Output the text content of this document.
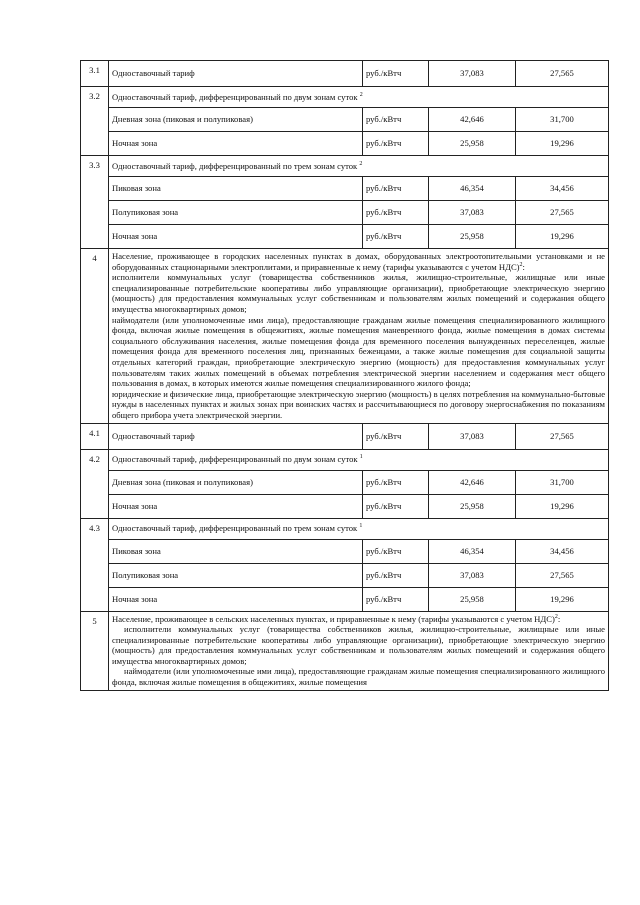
3.1	Одноставочный тариф	руб./кВтч	37,083	27,565
3.2	Одноставочный тариф, дифференцированный по двум зонам суток $^2$
	Дневная зона (пиковая и полупиковая)	руб./кВтч	42,646	31,700
	Ночная зона	руб./кВтч	25,958	19,296
3.3	Одноставочный тариф, дифференцированный по трем зонам суток $^2$
	Пиковая зона	руб./кВтч	46,354	34,456
	Полупиковая зона	руб./кВтч	37,083	27,565
	Ночная зона	руб./кВтч	25,958	19,296
4	Население, проживающее в городских населенных пунктах в домах, оборудованных электроотопительными установками и не оборудованных стационарными электроплитами, и приравненные к нему (тарифы указываются с учетом НДС)$^2$:

исполнители коммунальных услуг (товарищества собственников жилья, жилищно-строительные, жилищные или иные специализированные потребительские кооперативы либо управляющие организации), приобретающие электрическую энергию (мощность) для предоставления коммунальных услуг собственникам и пользователям жилых помещений и содержания общего имущества многоквартирных домов;

наймодатели (или уполномоченные ими лица), предоставляющие гражданам жилые помещения специализированного жилищного фонда, включая жилые помещения в общежитиях, жилые помещения маневренного фонда, жилые помещения в домах системы социального обслуживания населения, жилые помещения фонда для временного поселения вынужденных переселенцев, жилые помещения фонда для временного поселения лиц, признанных беженцами, а также жилые помещения для социальной защиты отдельных категорий граждан, приобретающие электрическую энергию (мощность) для предоставления коммунальных услуг пользователям таких жилых помещений в объемах потребления электрической энергии населением и содержания мест общего пользования в домах, в которых имеются жилые помещения специализированного жилого фонда;

юридические и физические лица, приобретающие электрическую энергию (мощность) в целях потребления на коммунально-бытовые нужды в населенных пунктах и жилых зонах при воинских частях и рассчитывающиеся по договору энергоснабжения по показаниям общего прибора учета электрической энергии.			

4.1	Одноставочный тариф	руб./кВтч	37,083	27,565
4.2	Одноставочный тариф, дифференцированный по двум зонам суток $^1$
	Дневная зона (пиковая и полупиковая)	руб./кВтч	42,646	31,700
	Ночная зона	руб./кВтч	25,958	19,296
4.3	Одноставочный тариф, дифференцированный по трем зонам суток $^1$
	Пиковая зона	руб./кВтч	46,354	34,456
	Полупиковая зона	руб./кВтч	37,083	27,565
	Ночная зона	руб./кВтч	25,958	19,296
5	Население, проживающее в сельских населенных пунктах, и приравненные к нему (тарифы указываются с учетом НДС)$^2$:

исполнители коммунальных услуг (товарищества собственников жилья, жилищно-строительные, жилищные или иные специализированные потребительские кооперативы либо управляющие организации), приобретающие электрическую энергию (мощность) для предоставления коммунальных услуг собственникам и пользователям жилых помещений и содержания общего имущества многоквартирных домов;

наймодатели (или уполномоченные ими лица), предоставляющие гражданам жилые помещения специализированного жилищного фонда, включая жилые помещения в общежитиях, жилые помещения			
